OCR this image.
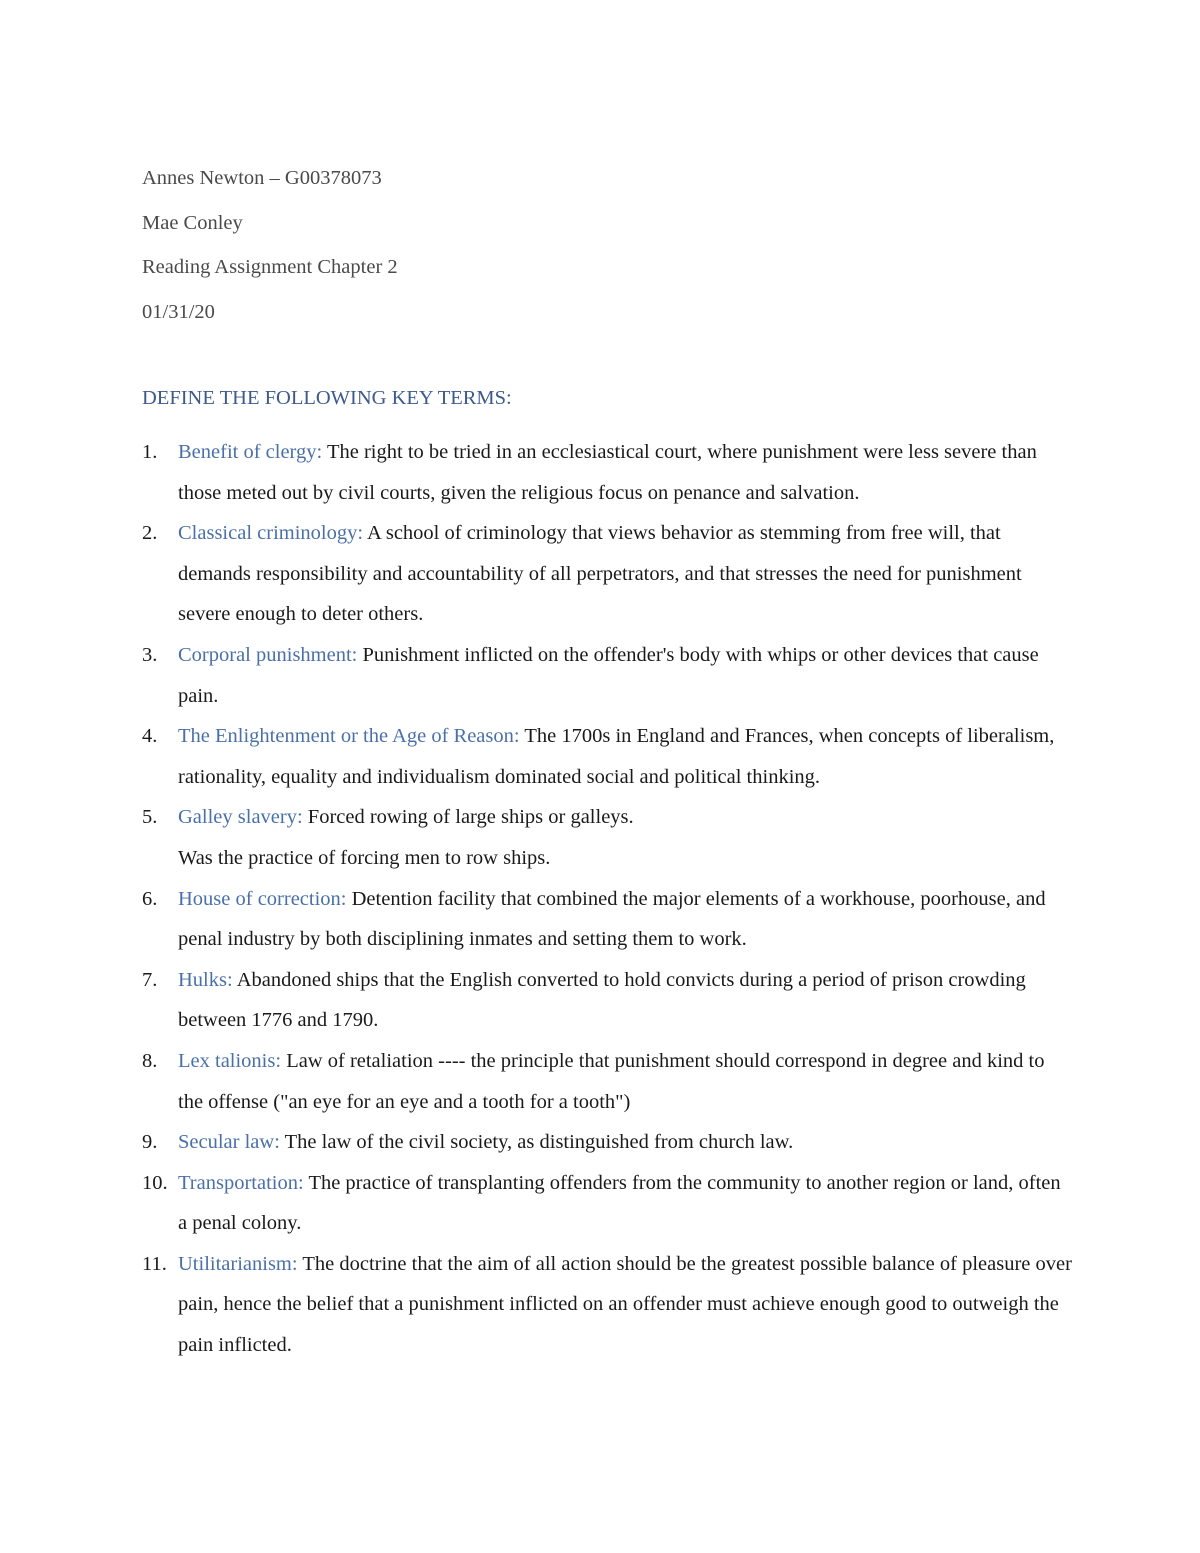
Annes Newton – G00378073
Mae Conley
Reading Assignment Chapter 2
01/31/20
DEFINE THE FOLLOWING KEY TERMS:
1. Benefit of clergy: The right to be tried in an ecclesiastical court, where punishment were less severe than those meted out by civil courts, given the religious focus on penance and salvation.
2. Classical criminology: A school of criminology that views behavior as stemming from free will, that demands responsibility and accountability of all perpetrators, and that stresses the need for punishment severe enough to deter others.
3. Corporal punishment: Punishment inflicted on the offender's body with whips or other devices that cause pain.
4. The Enlightenment or the Age of Reason: The 1700s in England and Frances, when concepts of liberalism, rationality, equality and individualism dominated social and political thinking.
5. Galley slavery: Forced rowing of large ships or galleys.
Was the practice of forcing men to row ships.
6. House of correction: Detention facility that combined the major elements of a workhouse, poorhouse, and penal industry by both disciplining inmates and setting them to work.
7. Hulks: Abandoned ships that the English converted to hold convicts during a period of prison crowding between 1776 and 1790.
8. Lex talionis: Law of retaliation ---- the principle that punishment should correspond in degree and kind to the offense ("an eye for an eye and a tooth for a tooth")
9. Secular law: The law of the civil society, as distinguished from church law.
10. Transportation: The practice of transplanting offenders from the community to another region or land, often a penal colony.
11. Utilitarianism: The doctrine that the aim of all action should be the greatest possible balance of pleasure over pain, hence the belief that a punishment inflicted on an offender must achieve enough good to outweigh the pain inflicted.
